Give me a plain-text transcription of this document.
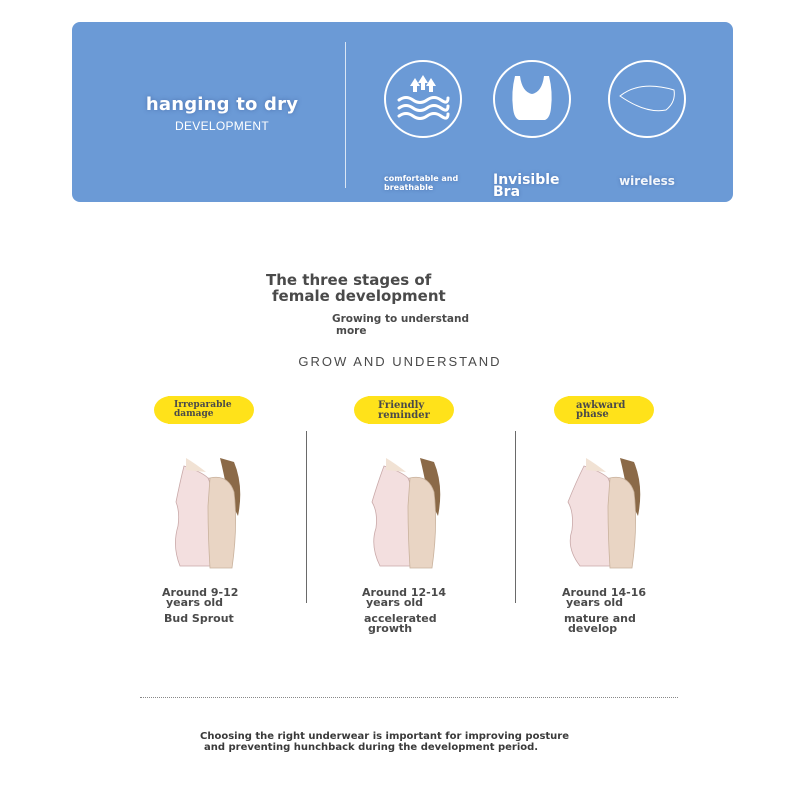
hanging to dry
DEVELOPMENT
comfortable and breathable	Invisible
Bra
wireless
The three stages of
female development
Growing to understand
more
GROW AND UNDERSTAND
Irreparable
damage
Around 9-12
years old
Bud Sprout
Friendly
reminder
Around 12-14
years old
accelerated
growth
awkward
phase
Around 14-16
years old
mature and
develop
Choosing the right underwear is important for improving posture
and preventing hunchback during the development period.
